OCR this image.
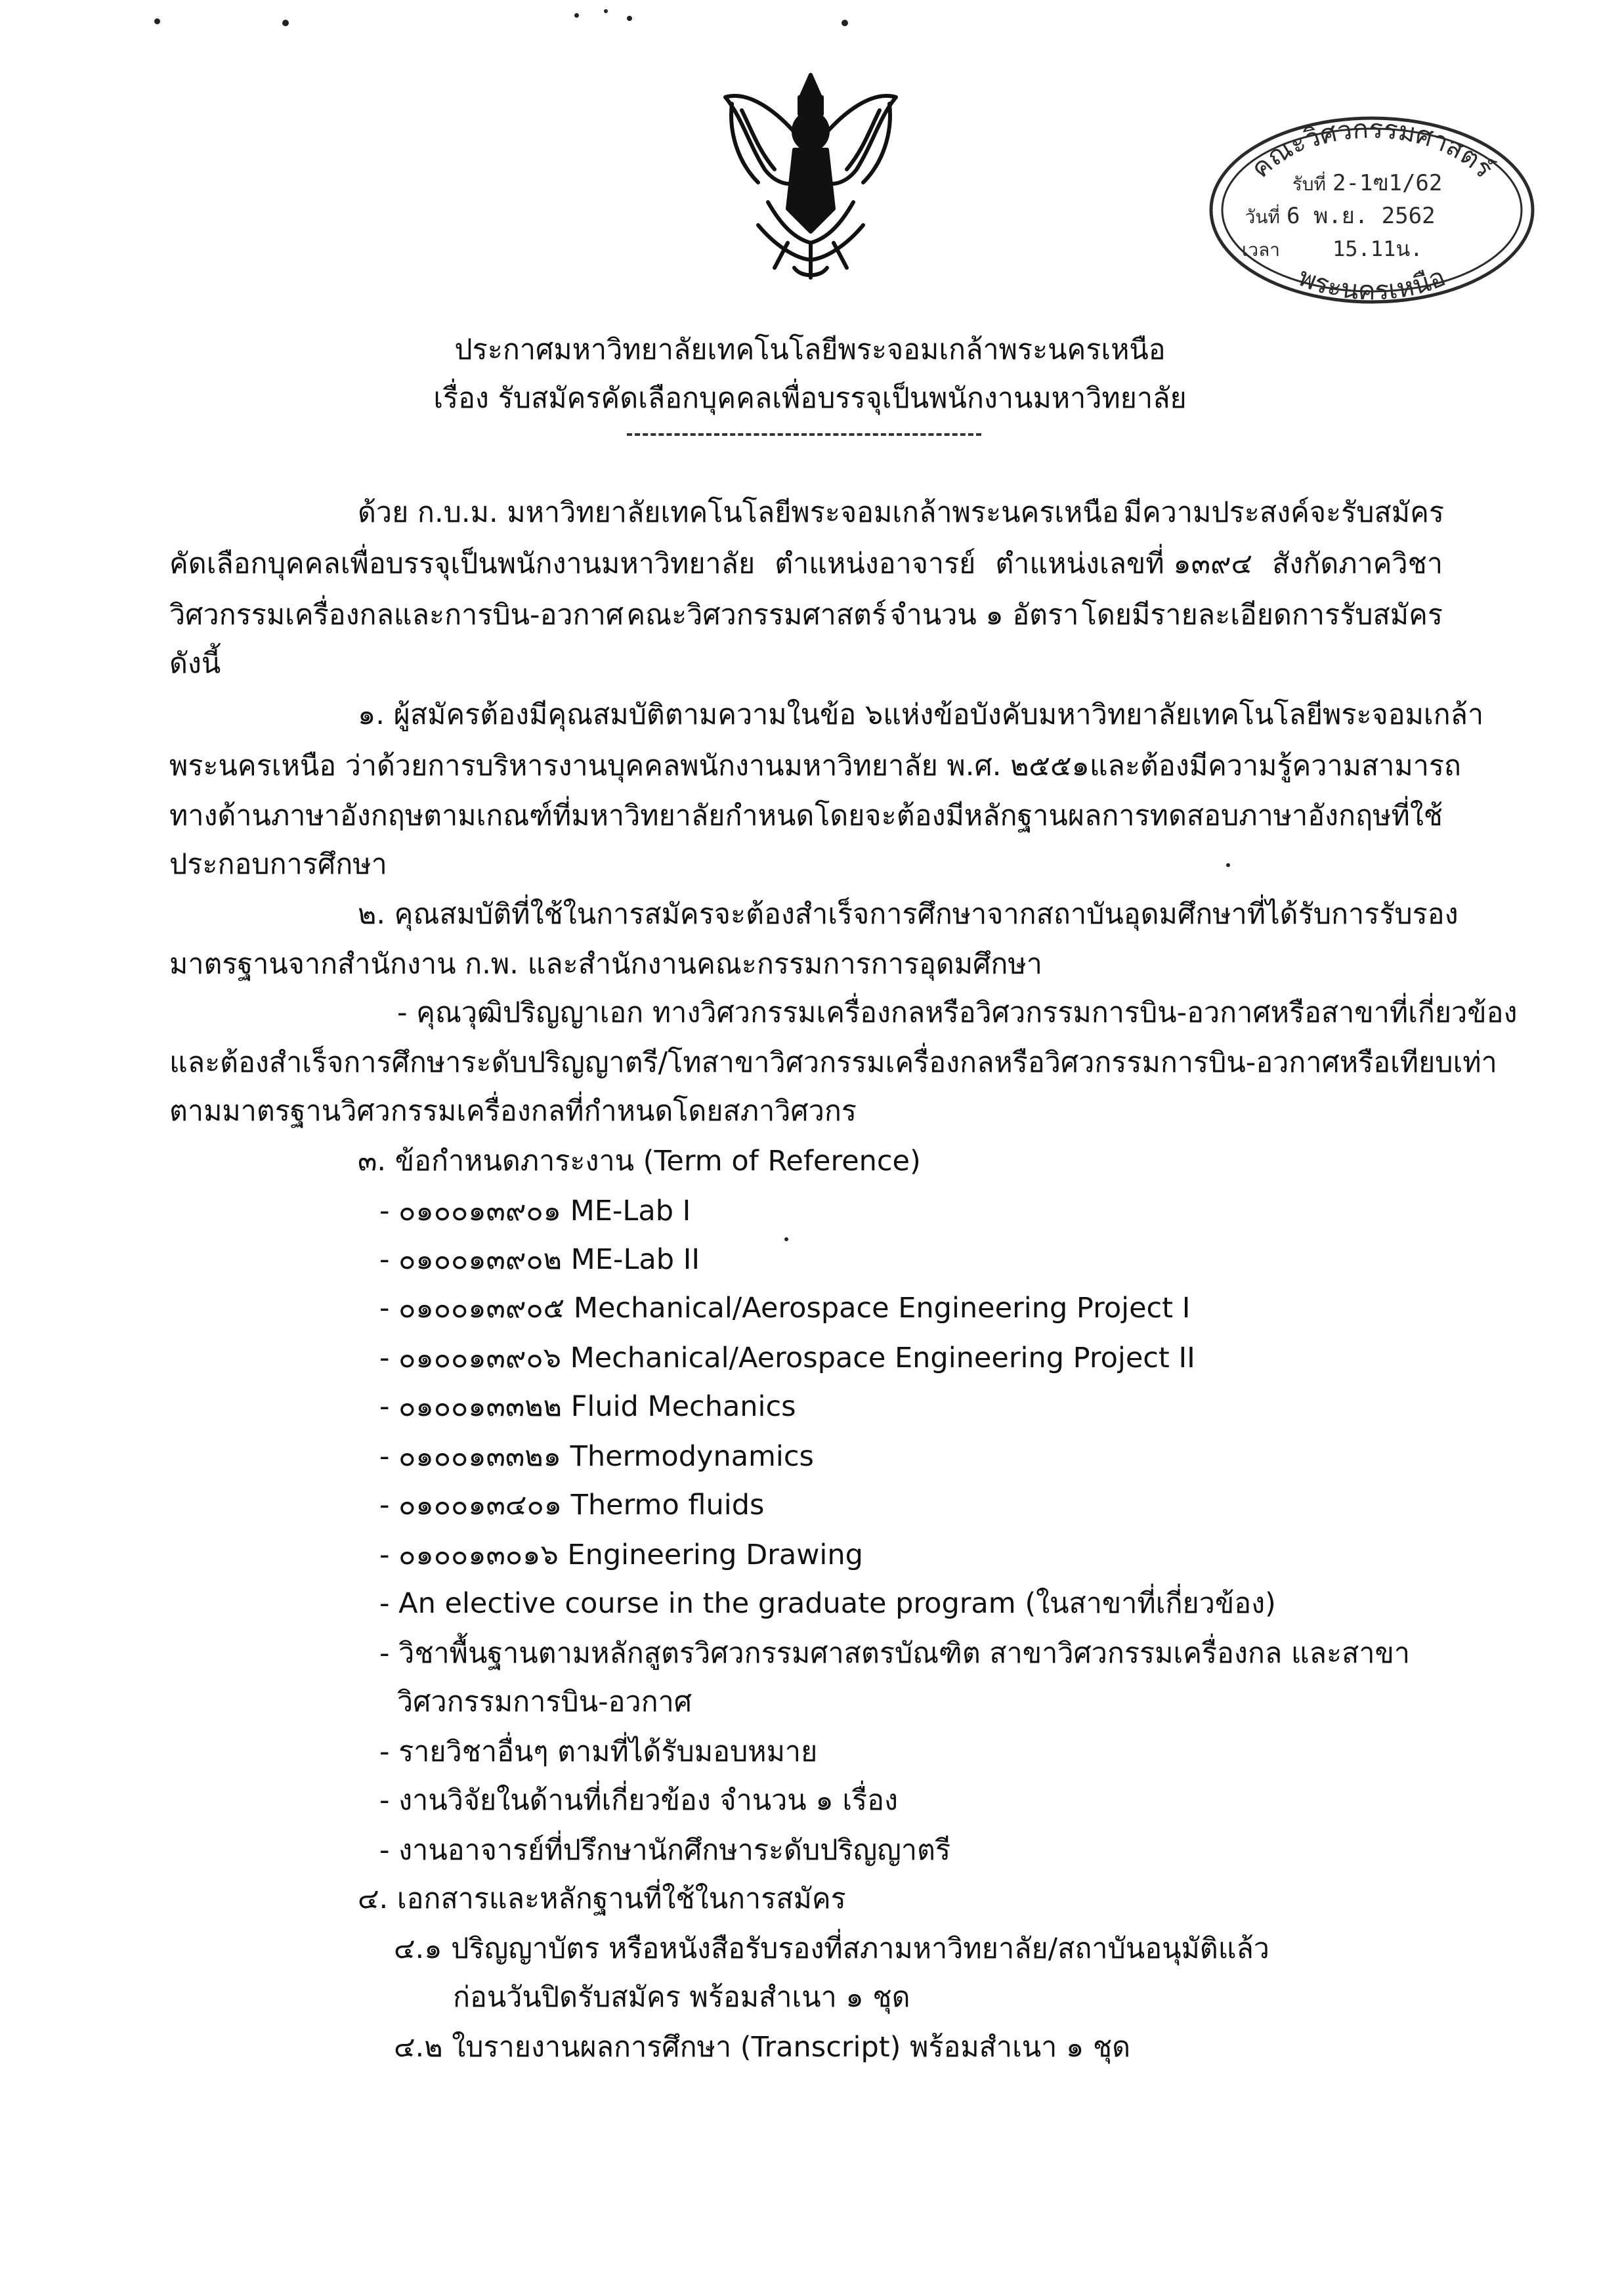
คณะวิศวกรรมศาสตร์
พระนครเหนือ
รับที่ 2-1ฃ1/62
วันที่ 6 พ.ย. 2562
เวลา	15.11น.
ประกาศมหาวิทยาลัยเทคโนโลยีพระจอมเกล้าพระนครเหนือ
เรื่อง รับสมัครคัดเลือกบุคคลเพื่อบรรจุเป็นพนักงานมหาวิทยาลัย
ด้วย ก.บ.ม. มหาวิทยาลัยเทคโนโลยีพระจอมเกล้าพระนครเหนือ มีความประสงค์จะรับสมัคร
คัดเลือกบุคคลเพื่อบรรจุเป็นพนักงานมหาวิทยาลัย ตำแหน่งอาจารย์ ตำแหน่งเลขที่ ๑๓๙๔ สังกัดภาควิชา
วิศวกรรมเครื่องกลและการบิน-อวกาศ คณะวิศวกรรมศาสตร์ จำนวน ๑ อัตรา โดยมีรายละเอียดการรับสมัคร
ดังนี้
๑. ผู้สมัครต้องมีคุณสมบัติตามความในข้อ ๖ แห่งข้อบังคับมหาวิทยาลัยเทคโนโลยีพระจอมเกล้า
พระนครเหนือ ว่าด้วยการบริหารงานบุคคลพนักงานมหาวิทยาลัย พ.ศ. ๒๕๕๑ และต้องมีความรู้ความสามารถ
ทางด้านภาษาอังกฤษตามเกณฑ์ที่มหาวิทยาลัยกำหนด โดยจะต้องมีหลักฐานผลการทดสอบภาษาอังกฤษที่ใช้
ประกอบการศึกษา
๒. คุณสมบัติที่ใช้ในการสมัคร จะต้องสำเร็จการศึกษาจากสถาบันอุดมศึกษาที่ได้รับการรับรอง
มาตรฐานจากสำนักงาน ก.พ. และสำนักงานคณะกรรมการการอุดมศึกษา
- คุณวุฒิปริญญาเอก ทางวิศวกรรมเครื่องกล หรือวิศวกรรมการบิน-อวกาศ หรือสาขาที่เกี่ยวข้อง
และต้องสำเร็จการศึกษาระดับปริญญาตรี/โท สาขาวิศวกรรมเครื่องกล หรือวิศวกรรมการบิน-อวกาศ หรือเทียบเท่า
ตามมาตรฐานวิศวกรรมเครื่องกลที่กำหนดโดยสภาวิศวกร
๓. ข้อกำหนดภาระงาน (Term of Reference)
- ๐๑๐๐๑๓๙๐๑ ME-Lab I
- ๐๑๐๐๑๓๙๐๒ ME-Lab II
- ๐๑๐๐๑๓๙๐๕ Mechanical/Aerospace Engineering Project I
- ๐๑๐๐๑๓๙๐๖ Mechanical/Aerospace Engineering Project II
- ๐๑๐๐๑๓๓๒๒ Fluid Mechanics
- ๐๑๐๐๑๓๓๒๑ Thermodynamics
- ๐๑๐๐๑๓๔๐๑ Thermo fluids
- ๐๑๐๐๑๓๐๑๖ Engineering Drawing
- An elective course in the graduate program (ในสาขาที่เกี่ยวข้อง)
- วิชาพื้นฐานตามหลักสูตรวิศวกรรมศาสตรบัณฑิต สาขาวิศวกรรมเครื่องกล และสาขา
วิศวกรรมการบิน-อวกาศ
- รายวิชาอื่นๆ ตามที่ได้รับมอบหมาย
- งานวิจัยในด้านที่เกี่ยวข้อง จำนวน ๑ เรื่อง
- งานอาจารย์ที่ปรึกษานักศึกษาระดับปริญญาตรี
๔. เอกสารและหลักฐานที่ใช้ในการสมัคร
๔.๑ ปริญญาบัตร หรือหนังสือรับรองที่สภามหาวิทยาลัย/สถาบันอนุมัติแล้ว
ก่อนวันปิดรับสมัคร พร้อมสำเนา ๑ ชุด
๔.๒ ใบรายงานผลการศึกษา (Transcript) พร้อมสำเนา ๑ ชุด
